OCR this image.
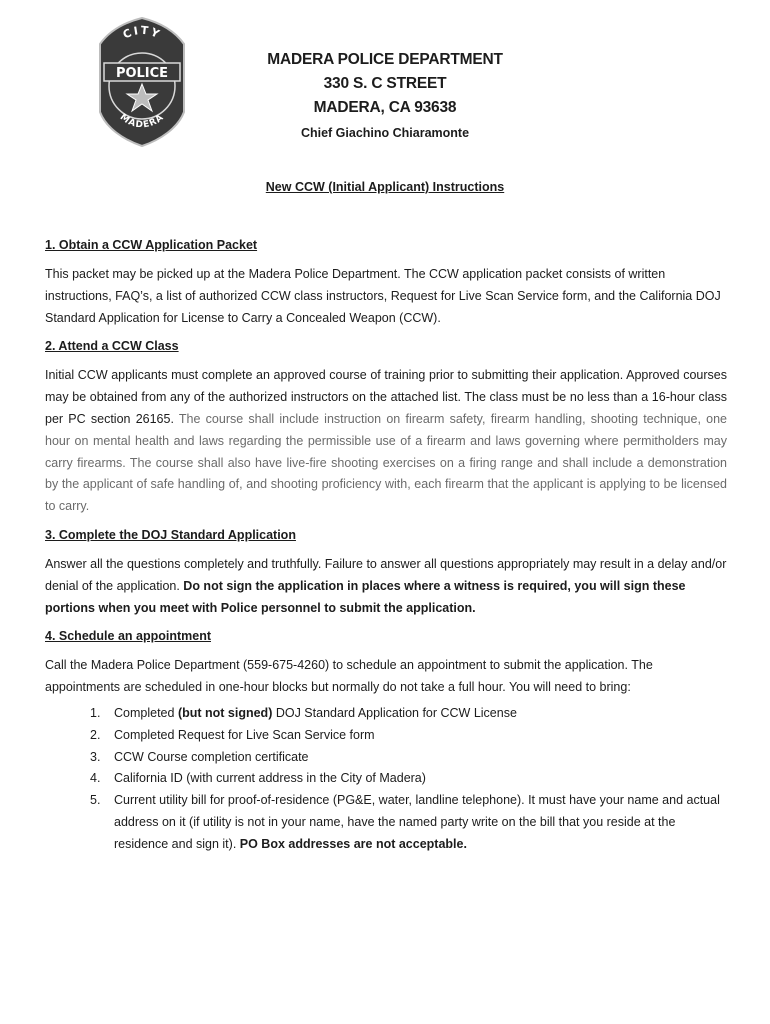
CITY
POLICE
MADERA
MADERA POLICE DEPARTMENT
330 S. C STREET
MADERA, CA 93638
Chief Giachino Chiaramonte
New CCW (Initial Applicant) Instructions
1. Obtain a CCW Application Packet

This packet may be picked up at the Madera Police Department. The CCW application packet consists of written instructions, FAQ’s, a list of authorized CCW class instructors, Request for Live Scan Service form, and the California DOJ Standard Application for License to Carry a Concealed Weapon (CCW).

2. Attend a CCW Class

Initial CCW applicants must complete an approved course of training prior to submitting their application. Approved courses may be obtained from any of the authorized instructors on the attached list. The class must be no less than a 16-hour class per PC section 26165. The course shall include instruction on firearm safety, firearm handling, shooting technique, one hour on mental health and laws regarding the permissible use of a firearm and laws governing where permitholders may carry firearms. The course shall also have live-fire shooting exercises on a firing range and shall include a demonstration by the applicant of safe handling of, and shooting proficiency with, each firearm that the applicant is applying to be licensed to carry.

3. Complete the DOJ Standard Application

Answer all the questions completely and truthfully. Failure to answer all questions appropriately may result in a delay and/or denial of the application. Do not sign the application in places where a witness is required, you will sign these portions when you meet with Police personnel to submit the application.

4. Schedule an appointment

Call the Madera Police Department (559-675-4260) to schedule an appointment to submit the application. The appointments are scheduled in one-hour blocks but normally do not take a full hour. You will need to bring:

1. Completed (but not signed) DOJ Standard Application for CCW License
2. Completed Request for Live Scan Service form
3. CCW Course completion certificate
4. California ID (with current address in the City of Madera)
5. Current utility bill for proof-of-residence (PG&E, water, landline telephone). It must have your name and actual address on it (if utility is not in your name, have the named party write on the bill that you reside at the residence and sign it). PO Box addresses are not acceptable.
